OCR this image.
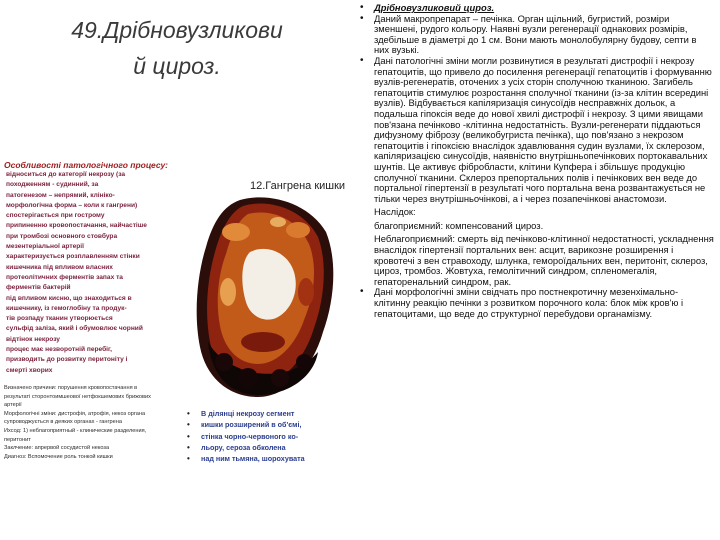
49.Дрібновузликови
й цироз.
Особливості патологічного процесу:
відноситься до категорії некрозу (за
походженням - судинний, за
патогенезом – непрямий, клініко-
морфологічна форма – коли к гангрени)
спостерігається при гострому
припиненню кровопостачання, найчастіше
при тромбозі основного стовбура
мезентеріальної артерії
характеризується розплавленням стінки
кишечника під впливом власних
протеолітичних ферментів запах та
ферментів бактерій
під впливом кисню, що знаходиться в
кишечнику, із гемоглобіну та продук-
тів розпаду тканин утворюється
сульфід заліза, який і обумовлює чорний
відтінок некрозу
процес має незворотній перебіг,
призводить до розвитку перитоніту і
смерті хворих
Визначено причини: порушення кровопостачання в
результаті сторонтоимшеової нетфокшемових брижових
артерії
Морфологічні зміни: дистрофія, атрофія, некоз органа
супроводжується в деяких органах - гангрена
Ихсод: 1) неблагоприятный - клинические разделения,
перитонит
Заклчение: апрервой сосудистой некоза
Диагноз: Вспомочение роль тонкой кишки
12.Гангрена кишки
• В ділянці некрозу сегмент
• кишки розширений в об'ємі,
• стінка чорно-червоного ко-
• льору, сероза обколена
• над ним тьмяна, шорохувата
• Дрібновузликовий цироз.
• Даний макропрепарат – печінка. Орган щільний, бугристий, розміри зменшені, рудого кольору. Наявні вузли регенерації однакових розмірів, здебільше в діаметрі до 1 см. Вони мають монолобулярну будову, септи в них вузькі.
• Дані патологічні зміни могли розвинутися в результаті дистрофії і некрозу гепатоцитів, що привело до посилення регенерації гепатоцитів і формуванню вузлів-регенератів, оточених з усіх сторін сполучною тканиною. Загибель гепатоцитів стимулює розростання сполучної тканини (із-за клітин всередині вузлів). Відбувається капіляризація синусоїдів несправжніх дольок, а подальша гіпоксія веде до нової хвилі дистрофії і некрозу. З цими явищами пов'язана печінково -клітинна недостатність. Вузли-регенерати піддаються дифузному фіброзу (великобугриста печінка), що пов'язано з некрозом гепатоцитів і гіпоксією внаслідок здавлювання судин вузлами, їх склерозом, капіляризацією синусоїдів, наявністю внутрішньопечінкових портокавальних шунтів. Це активує фібробласти, клітини Купфера і збільшує продукцію сполучної тканини. Склероз препортальних полів і печінкових вен веде до портальної гіпертензії в результаті чого портальна вена розвантажується не тільки через внутрішньочінкові, а і через позапечінкові анастомози.
Наслідок:
благоприємний: компенсований цироз.
Неблагоприємний: смерть від печінково-клітинної недостатності, ускладнення внаслідок гіпертензії портальних вен: асцит, варикозне розширення і кровотечі з вен стравоходу, шлунка, гемороїдальних вен, перитоніт, склероз, цироз, тромбоз. Жовтуха, гемолітичний синдром, спленомегалія, гепаторенальний синдром, рак.
• Дані морфологічні зміни свідчать про постнекротичну мезенхімально-клітинну реакцію печінки з розвитком порочного кола: блок між кров'ю і гепатоцитами, що веде до структурної перебудови органамізму.
